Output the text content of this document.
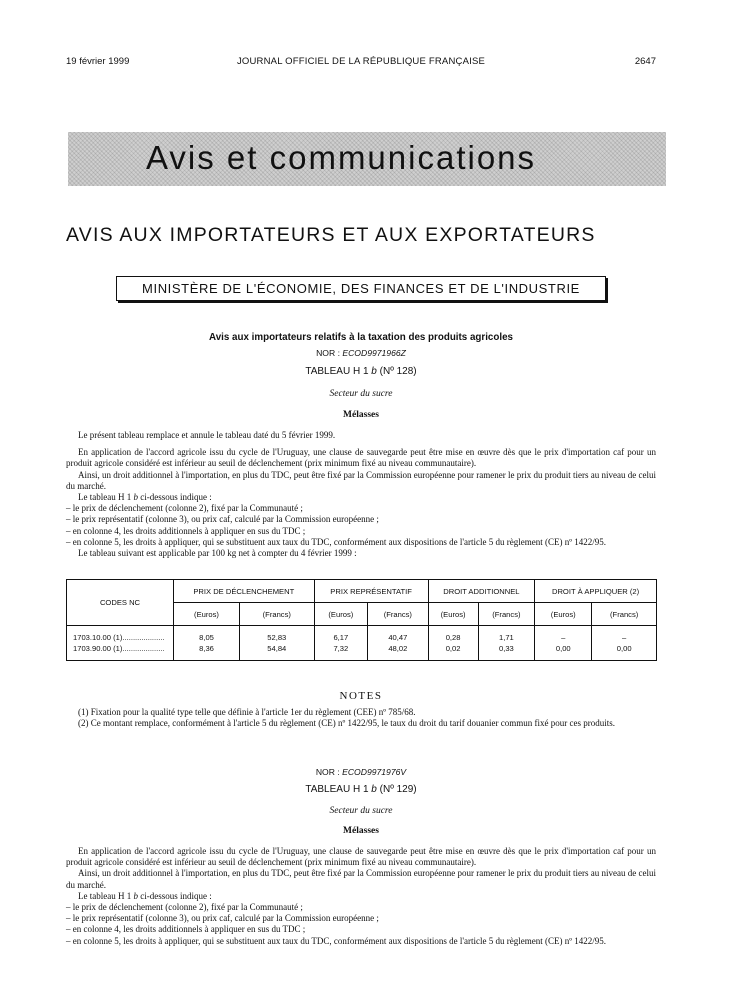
19 février 1999	JOURNAL OFFICIEL DE LA RÉPUBLIQUE FRANÇAISE	2647
Avis et communications
AVIS AUX IMPORTATEURS ET AUX EXPORTATEURS
MINISTÈRE DE L'ÉCONOMIE, DES FINANCES ET DE L'INDUSTRIE
Avis aux importateurs relatifs à la taxation des produits agricoles
NOR : ECOD9971966Z
TABLEAU H 1 b (Nº 128)
Secteur du sucre
Mélasses

Le présent tableau remplace et annule le tableau daté du 5 février 1999.

En application de l'accord agricole issu du cycle de l'Uruguay, une clause de sauvegarde peut être mise en œuvre dès que le prix d'importation caf pour un produit agricole considéré est inférieur au seuil de déclenchement (prix minimum fixé au niveau communautaire).

Ainsi, un droit additionnel à l'importation, en plus du TDC, peut être fixé par la Commission européenne pour ramener le prix du produit tiers au niveau de celui du marché.

Le tableau H 1 b ci-dessous indique :

– le prix de déclenchement (colonne 2), fixé par la Communauté ;

– le prix représentatif (colonne 3), ou prix caf, calculé par la Commission européenne ;

– en colonne 4, les droits additionnels à appliquer en sus du TDC ;

– en colonne 5, les droits à appliquer, qui se substituent aux taux du TDC, conformément aux dispositions de l'article 5 du règlement (CE) nº 1422/95.

Le tableau suivant est applicable par 100 kg net à compter du 4 février 1999 :

CODES NC	PRIX DE DÉCLENCHEMENT		PRIX REPRÉSENTATIF		DROIT ADDITIONNEL		DROIT À APPLIQUER (2)	
	(Euros)	(Francs)	(Euros)	(Francs)	(Euros)	(Francs)	(Euros)	(Francs)
1703.10.00 (1)....................	8,05	52,83	6,17	40,47	0,28	1,71	–	–
1703.90.00 (1)....................	8,36	54,84	7,32	48,02	0,02	0,33	0,00	0,00
NOTES

(1) Fixation pour la qualité type telle que définie à l'article 1er du règlement (CEE) nº 785/68.

(2) Ce montant remplace, conformément à l'article 5 du règlement (CE) nº 1422/95, le taux du droit du tarif douanier commun fixé pour ces produits.

NOR : ECOD9971976V
TABLEAU H 1 b (Nº 129)
Secteur du sucre
Mélasses

En application de l'accord agricole issu du cycle de l'Uruguay, une clause de sauvegarde peut être mise en œuvre dès que le prix d'importation caf pour un produit agricole considéré est inférieur au seuil de déclenchement (prix minimum fixé au niveau communautaire).

Ainsi, un droit additionnel à l'importation, en plus du TDC, peut être fixé par la Commission européenne pour ramener le prix du produit tiers au niveau de celui du marché.

Le tableau H 1 b ci-dessous indique :

– le prix de déclenchement (colonne 2), fixé par la Communauté ;

– le prix représentatif (colonne 3), ou prix caf, calculé par la Commission européenne ;

– en colonne 4, les droits additionnels à appliquer en sus du TDC ;

– en colonne 5, les droits à appliquer, qui se substituent aux taux du TDC, conformément aux dispositions de l'article 5 du règlement (CE) nº 1422/95.
